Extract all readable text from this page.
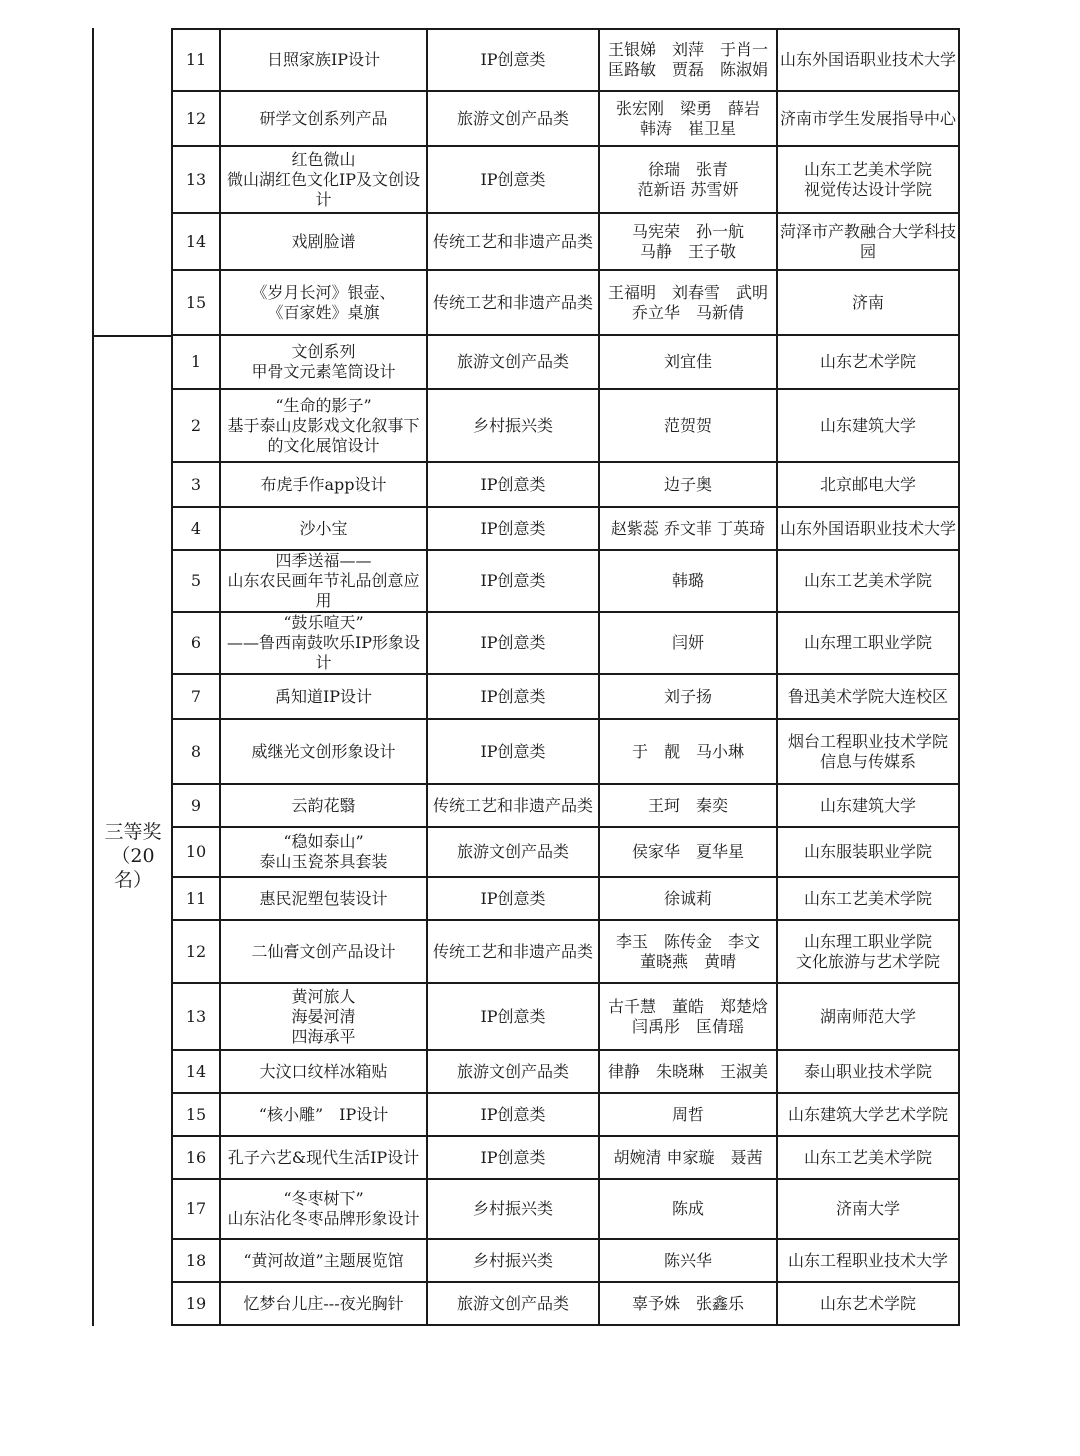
三等奖
（20
名）
11	日照家族IP设计	IP创意类	王银娣　刘萍　于肖一
匡路敏　贾磊　陈淑娟	山东外国语职业技术大学
12	研学文创系列产品	旅游文创产品类	张宏刚　梁勇　薛岩
韩涛　崔卫星	济南市学生发展指导中心
13	红色微山
微山湖红色文化IP及文创设
计	IP创意类	徐瑞　张青
范新语 苏雪妍	山东工艺美术学院
视觉传达设计学院
14	戏剧脸谱	传统工艺和非遗产品类	马宪荣　孙一航
马静　王子敬	菏泽市产教融合大学科技园
15	《岁月长河》银壶、
《百家姓》桌旗	传统工艺和非遗产品类	王福明　刘春雪　武明
乔立华　马新倩	济南
1	文创系列
甲骨文元素笔筒设计	旅游文创产品类	刘宜佳	山东艺术学院
2	“生命的影子”
基于泰山皮影戏文化叙事下
的文化展馆设计	乡村振兴类	范贺贺	山东建筑大学
3	布虎手作app设计	IP创意类	边子奥	北京邮电大学
4	沙小宝	IP创意类	赵紫蕊 乔文菲 丁英琦	山东外国语职业技术大学
5	四季送福——
山东农民画年节礼品创意应
用	IP创意类	韩璐	山东工艺美术学院
6	“鼓乐喧天”
——鲁西南鼓吹乐IP形象设
计	IP创意类	闫妍	山东理工职业学院
7	禹知道IP设计	IP创意类	刘子扬	鲁迅美术学院大连校区
8	威继光文创形象设计	IP创意类	于　靓　马小琳	烟台工程职业技术学院
信息与传媒系
9	云韵花翳	传统工艺和非遗产品类	王珂　秦奕	山东建筑大学
10	“稳如泰山”
泰山玉瓷茶具套装	旅游文创产品类	侯家华　夏华星	山东服装职业学院
11	惠民泥塑包装设计	IP创意类	徐诚莉	山东工艺美术学院
12	二仙膏文创产品设计	传统工艺和非遗产品类	李玉　陈传金　李文
董晓燕　黄晴	山东理工职业学院
文化旅游与艺术学院
13	黄河旅人
海晏河清
四海承平	IP创意类	古千慧　董皓　郑楚焓
闫禹彤　匡倩瑶	湖南师范大学
14	大汶口纹样冰箱贴	旅游文创产品类	律静　朱晓琳　王淑美	泰山职业技术学院
15	“核小雕”　IP设计	IP创意类	周哲	山东建筑大学艺术学院
16	孔子六艺&现代生活IP设计	IP创意类	胡婉清 申家璇　聂茜	山东工艺美术学院
17	“冬枣树下”
山东沾化冬枣品牌形象设计	乡村振兴类	陈成	济南大学
18	“黄河故道”主题展览馆	乡村振兴类	陈兴华	山东工程职业技术大学
19	忆梦台儿庄---夜光胸针	旅游文创产品类	辜予姝　张鑫乐	山东艺术学院
